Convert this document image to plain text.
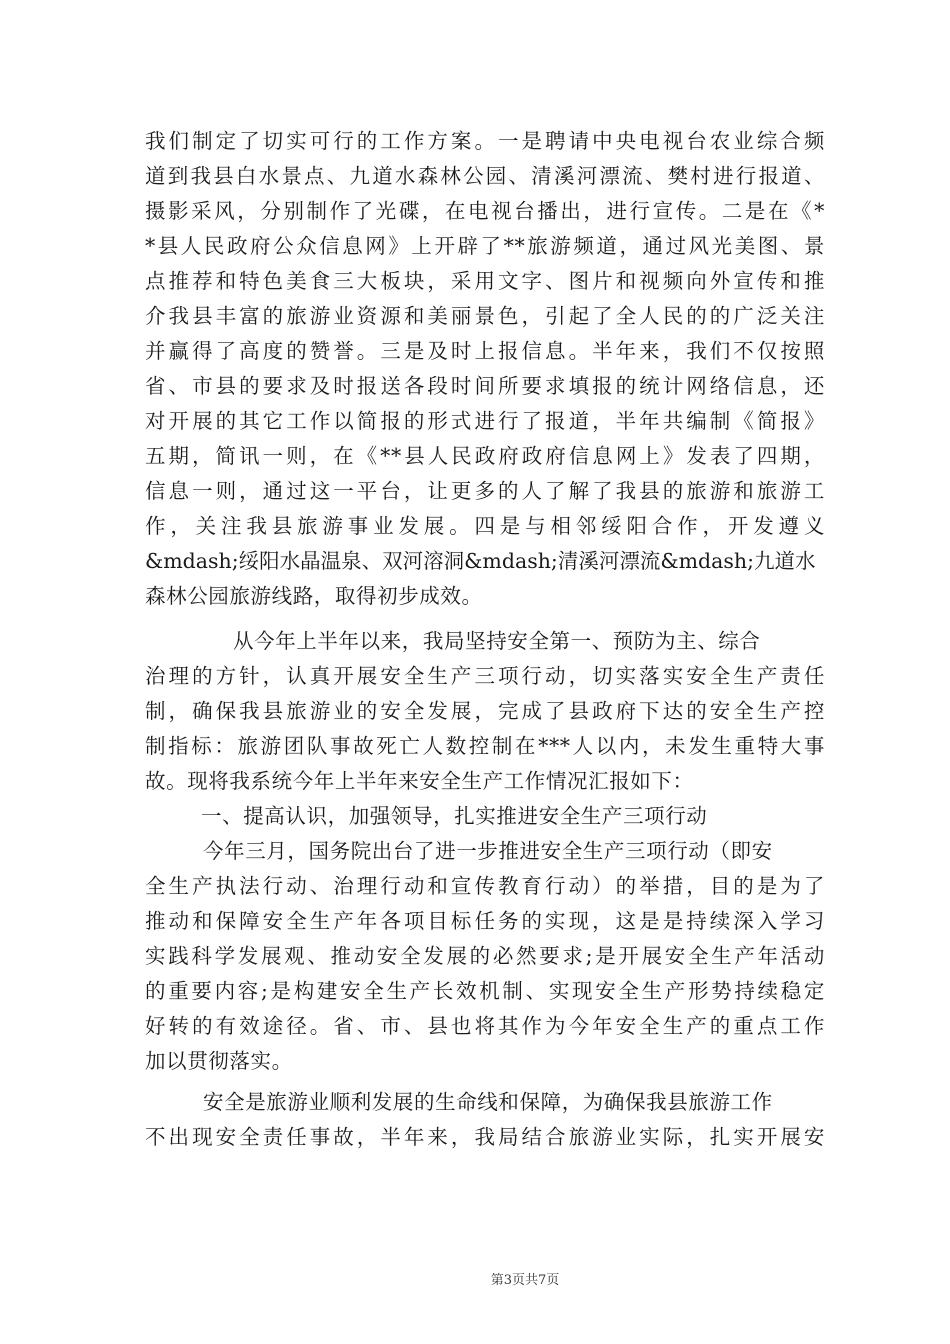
我们制定了切实可行的工作方案。一是聘请中央电视台农业综合频
道到我县白水景点、九道水森林公园、清溪河漂流、樊村进行报道、
摄影采风，分别制作了光碟，在电视台播出，进行宣传。二是在《*
*县人民政府公众信息网》上开辟了**旅游频道，通过风光美图、景
点推荐和特色美食三大板块，采用文字、图片和视频向外宣传和推
介我县丰富的旅游业资源和美丽景色，引起了全人民的的广泛关注
并赢得了高度的赞誉。三是及时上报信息。半年来，我们不仅按照
省、市县的要求及时报送各段时间所要求填报的统计网络信息，还
对开展的其它工作以简报的形式进行了报道，半年共编制《简报》
五期，简讯一则，在《**县人民政府政府信息网上》发表了四期，
信息一则，通过这一平台，让更多的人了解了我县的旅游和旅游工
作，关注我县旅游事业发展。四是与相邻绥阳合作，开发遵义
&mdash;绥阳水晶温泉、双河溶洞&mdash;清溪河漂流&mdash;九道水
森林公园旅游线路，取得初步成效。
从今年上半年以来，我局坚持安全第一、预防为主、综合
治理的方针，认真开展安全生产三项行动，切实落实安全生产责任
制，确保我县旅游业的安全发展，完成了县政府下达的安全生产控
制指标：旅游团队事故死亡人数控制在***人以内，未发生重特大事
故。现将我系统今年上半年来安全生产工作情况汇报如下：
一、提高认识，加强领导，扎实推进安全生产三项行动
今年三月，国务院出台了进一步推进安全生产三项行动（即安
全生产执法行动、治理行动和宣传教育行动）的举措，目的是为了
推动和保障安全生产年各项目标任务的实现，这是是持续深入学习
实践科学发展观、推动安全发展的必然要求;是开展安全生产年活动
的重要内容;是构建安全生产长效机制、实现安全生产形势持续稳定
好转的有效途径。省、市、县也将其作为今年安全生产的重点工作
加以贯彻落实。
安全是旅游业顺利发展的生命线和保障，为确保我县旅游工作
不出现安全责任事故，半年来，我局结合旅游业实际，扎实开展安
第3页共7页
